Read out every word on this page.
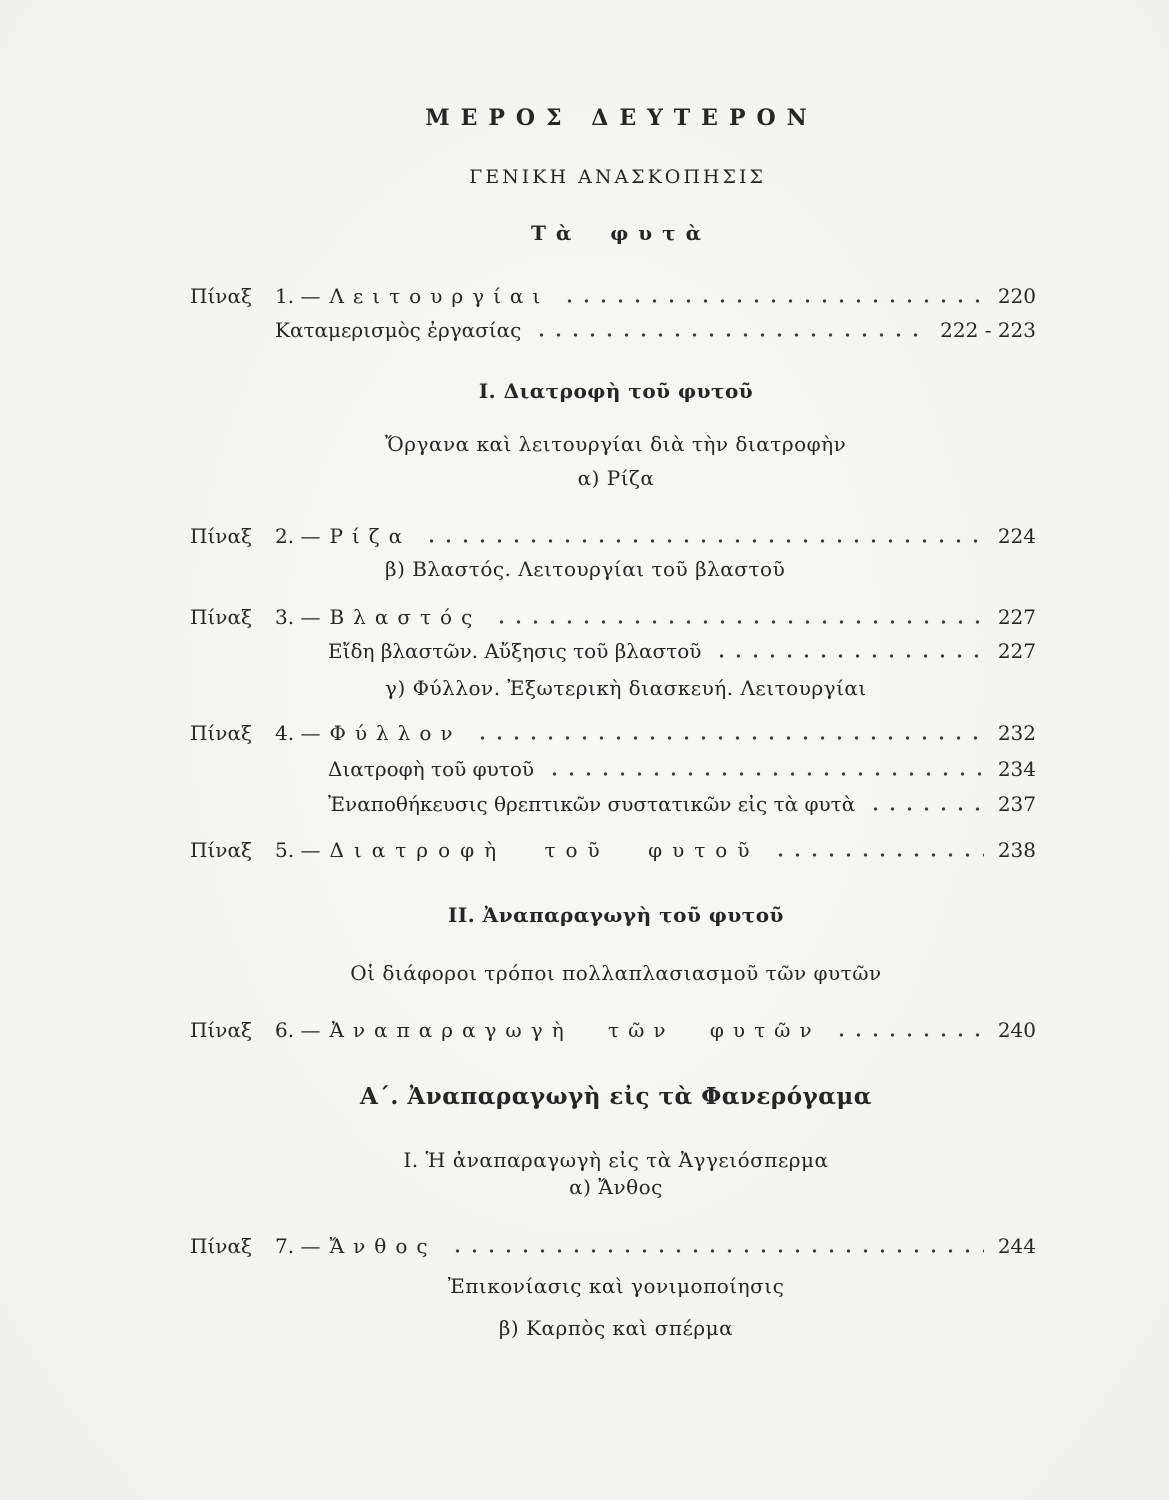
ΜΕΡΟΣ ΔΕΥΤΕΡΟΝ
ΓΕΝΙΚΗ ΑΝΑΣΚΟΠΗΣΙΣ
Τὰ φυτὰ
Πίναξ	1. — Λειτουργίαι	220
Καταμερισμὸς ἐργασίας	222 - 223
Ι. Διατροφὴ τοῦ φυτοῦ
Ὄργανα καὶ λειτουργίαι διὰ τὴν διατροφὴν
α) Ρίζα
Πίναξ	2. — Ρίζα	224
β) Βλαστός. Λειτουργίαι τοῦ βλαστοῦ
Πίναξ	3. — Βλαστός	227
Εἴδη βλαστῶν. Αὔξησις τοῦ βλαστοῦ	227
γ) Φύλλον. Ἐξωτερικὴ διασκευή. Λειτουργίαι
Πίναξ	4. — Φύλλον	232
Διατροφὴ τοῦ φυτοῦ	234
Ἐναποθήκευσις θρεπτικῶν συστατικῶν εἰς τὰ φυτὰ	237
Πίναξ	5. — Διατροφὴ τοῦ φυτοῦ	238
ΙΙ. Ἀναπαραγωγὴ τοῦ φυτοῦ
Οἱ διάφοροι τρόποι πολλαπλασιασμοῦ τῶν φυτῶν
Πίναξ	6. — Ἀναπαραγωγὴ τῶν φυτῶν	240
Α΄. Ἀναπαραγωγὴ εἰς τὰ Φανερόγαμα
Ι. Ἡ ἀναπαραγωγὴ εἰς τὰ Ἀγγειόσπερμα
α) Ἄνθος
Πίναξ	7. — Ἄνθος	244
Ἐπικονίασις καὶ γονιμοποίησις
β) Καρπὸς καὶ σπέρμα
